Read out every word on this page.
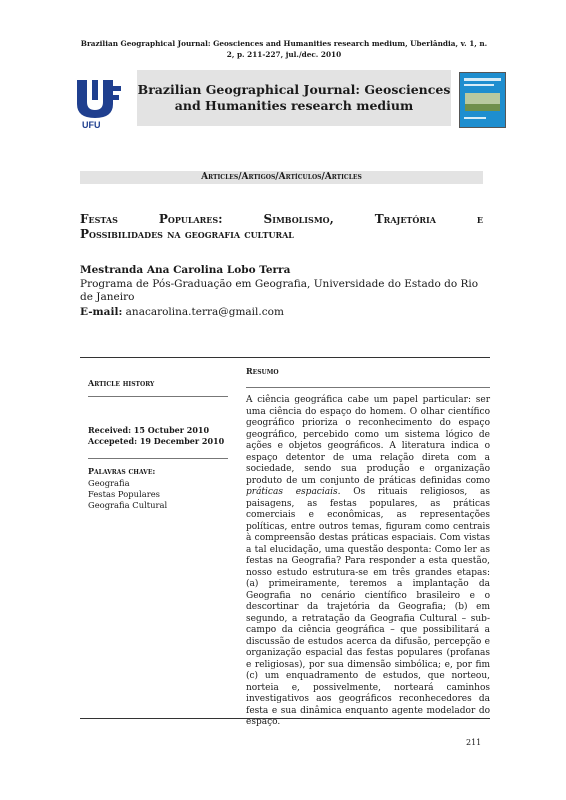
Brazilian Geographical Journal: Geosciences and Humanities research medium, Uberlândia, v. 1, n.
2, p. 211-227, jul./dec. 2010
UFU
Brazilian Geographical Journal: Geosciences and Humanities research medium
Articles/Artigos/Artículos/Articles
Festas	Populares:	Simbolismo,	Trajetória	e
Possibilidades na geografia cultural
Mestranda Ana Carolina Lobo Terra
Programa de Pós-Graduação em Geografia, Universidade do Estado do Rio de Janeiro
E-mail: anacarolina.terra@gmail.com
Article history
Received: 15 Octuber 2010
Accepeted: 19 December 2010
Palavras chave:
Geografia
Festas Populares
Geografia Cultural
Resumo
A ciência geográfica cabe um papel particular: ser uma ciência do espaço do homem. O olhar científico geográfico prioriza o reconhecimento do espaço geográfico, percebido como um sistema lógico de ações e objetos geográficos. A literatura indica o espaço detentor de uma relação direta com a sociedade, sendo sua produção e organização produto de um conjunto de práticas definidas como práticas espaciais. Os rituais religiosos, as paisagens, as festas populares, as práticas comerciais e econômicas, as representações políticas, entre outros temas, figuram como centrais à compreensão destas práticas espaciais. Com vistas a tal elucidação, uma questão desponta: Como ler as festas na Geografia? Para responder a esta questão, nosso estudo estrutura-se em três grandes etapas: (a) primeiramente, teremos a implantação da Geografia no cenário científico brasileiro e o descortinar da trajetória da Geografia; (b) em segundo, a retratação da Geografia Cultural – sub-campo da ciência geográfica – que possibilitará a discussão de estudos acerca da difusão, percepção e organização espacial das festas populares (profanas e religiosas), por sua dimensão simbólica; e, por fim (c) um enquadramento de estudos, que norteou, norteia e, possivelmente, norteará caminhos investigativos aos geográficos reconhecedores da festa e sua dinâmica enquanto agente modelador do espaço.
211
